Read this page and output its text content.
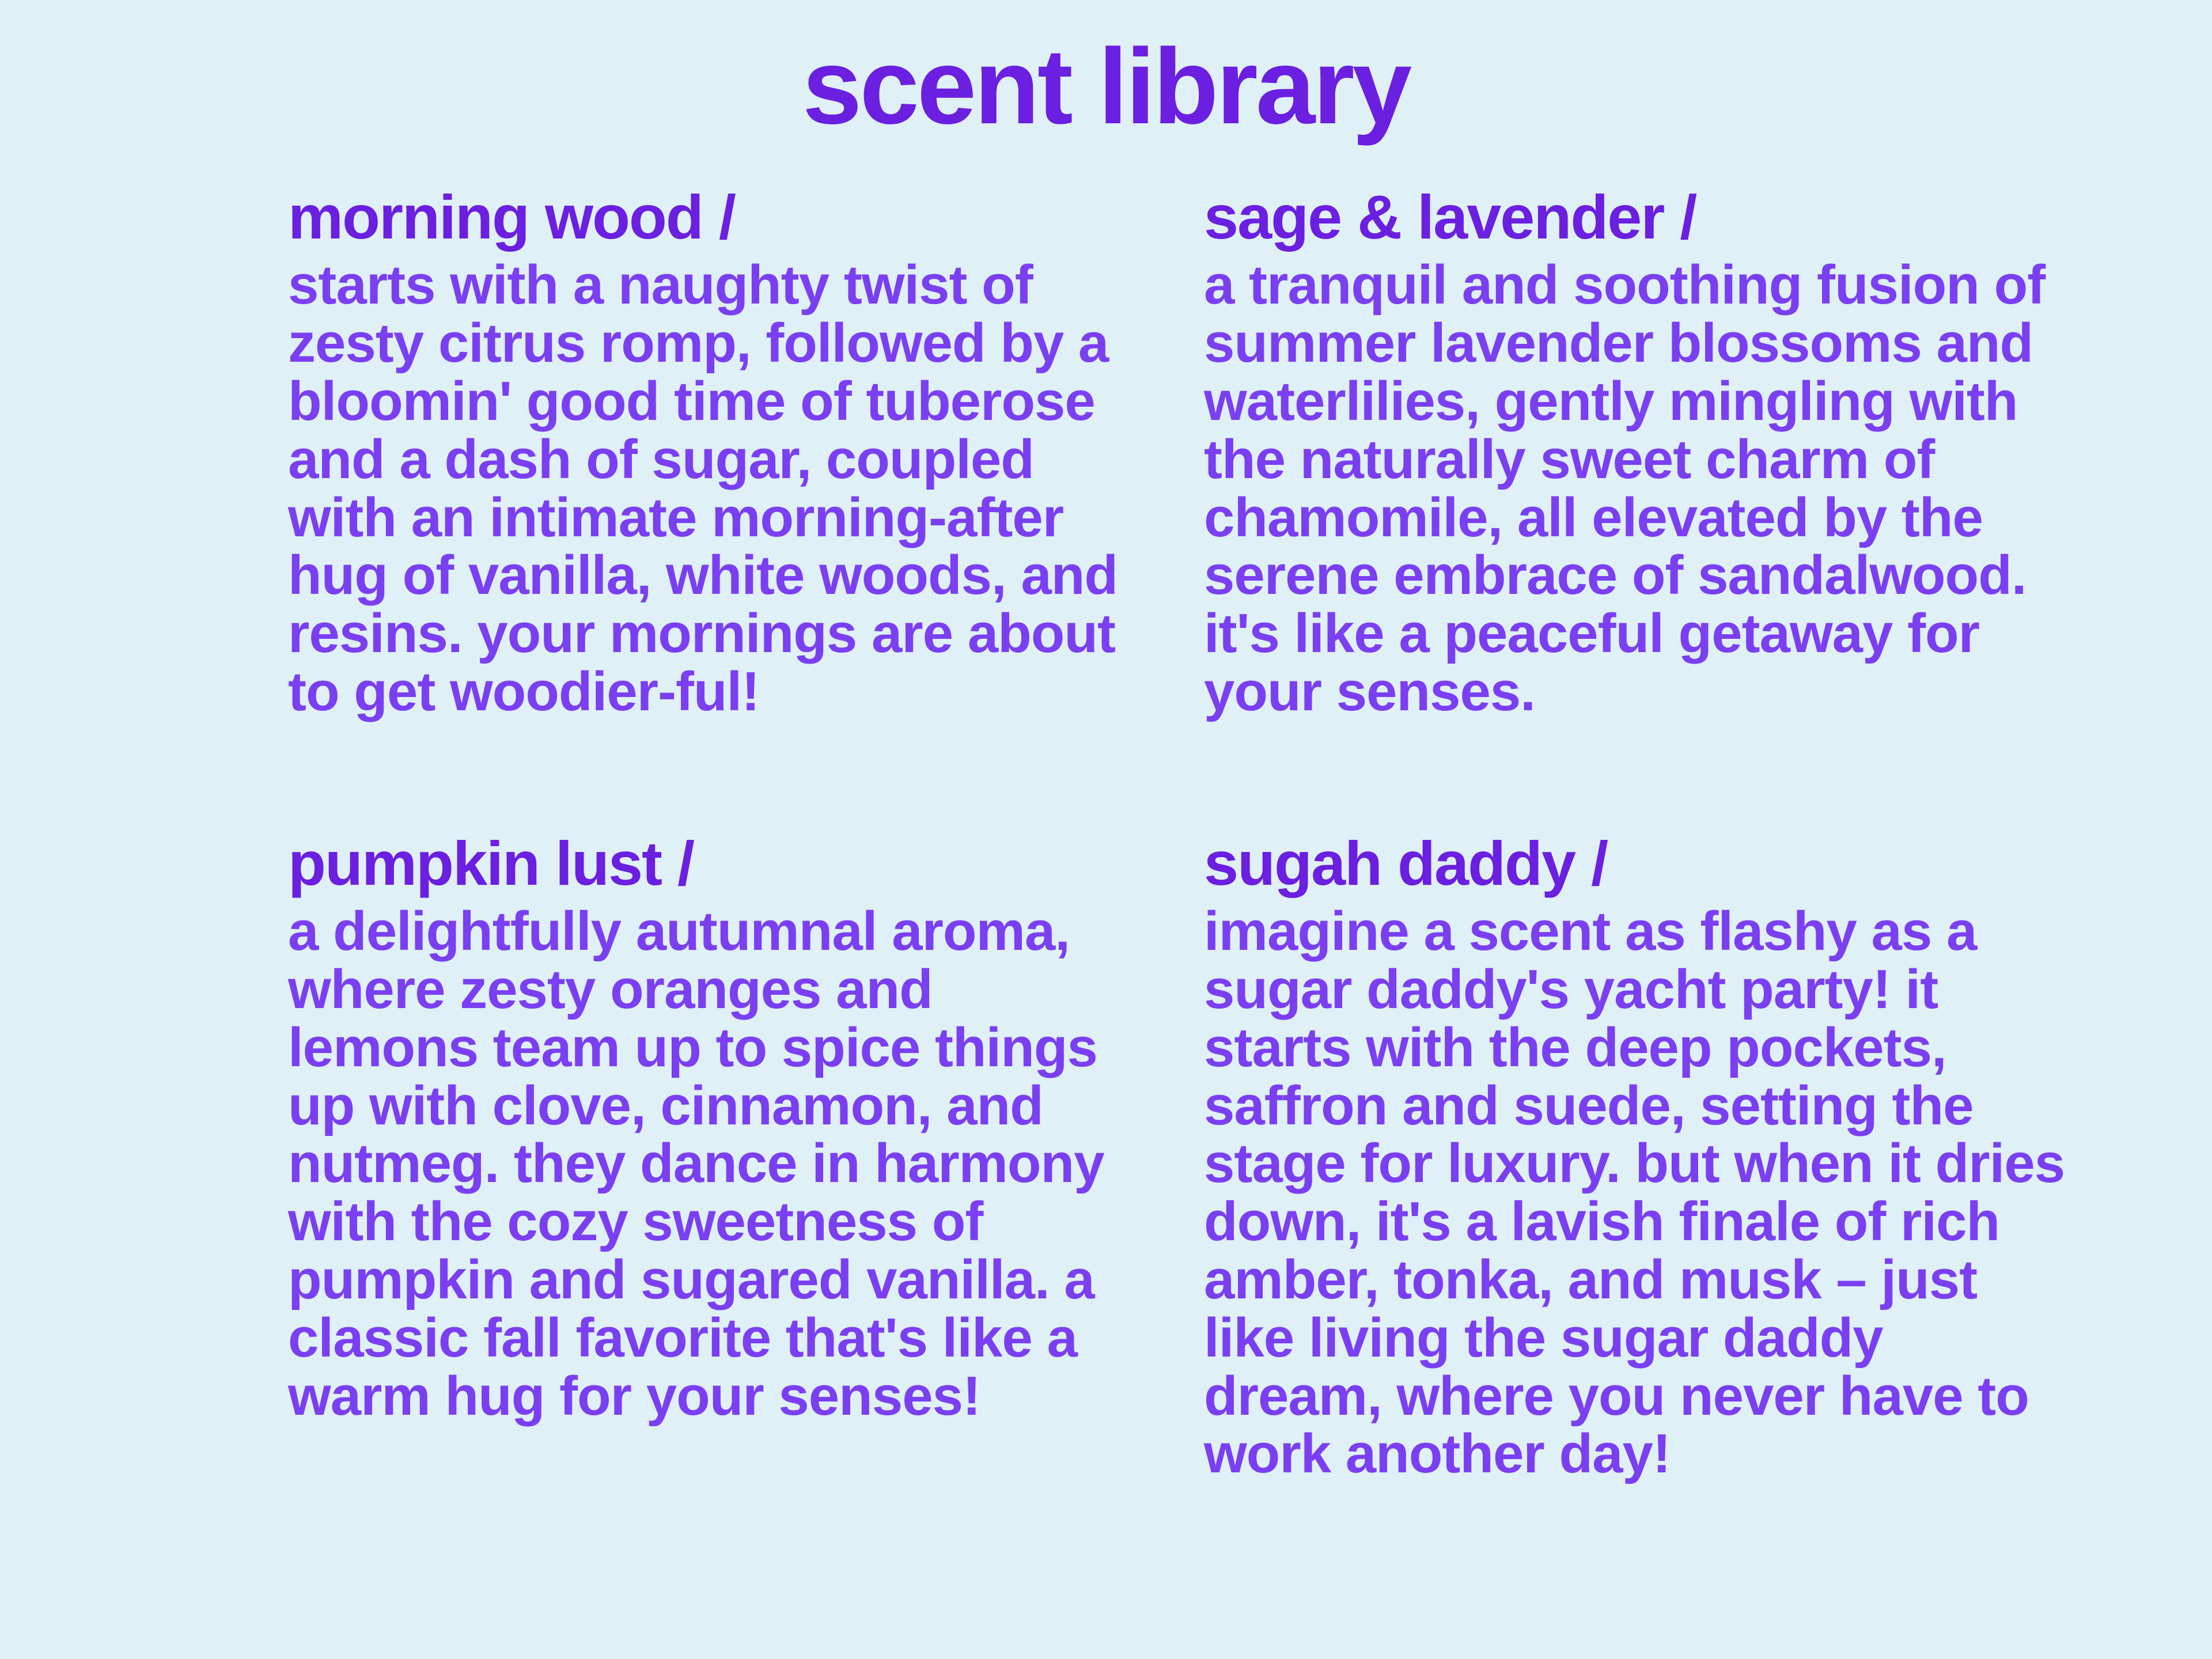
scent library
morning wood /
starts with a naughty twist of zesty citrus romp, followed by a bloomin' good time of tuberose and a dash of sugar, coupled with an intimate morning-after hug of vanilla, white woods, and resins. your mornings are about to get woodier-ful!
sage & lavender /
a tranquil and soothing fusion of summer lavender blossoms and waterlilies, gently mingling with the naturally sweet charm of chamomile, all elevated by the serene embrace of sandalwood. it's like a peaceful getaway for your senses.
pumpkin lust /
a delightfully autumnal aroma, where zesty oranges and lemons team up to spice things up with clove, cinnamon, and nutmeg. they dance in harmony with the cozy sweetness of pumpkin and sugared vanilla. a classic fall favorite that's like a warm hug for your senses!
sugah daddy /
imagine a scent as flashy as a sugar daddy's yacht party! it starts with the deep pockets, saffron and suede, setting the stage for luxury. but when it dries down, it's a lavish finale of rich amber, tonka, and musk – just like living the sugar daddy dream, where you never have to work another day!
